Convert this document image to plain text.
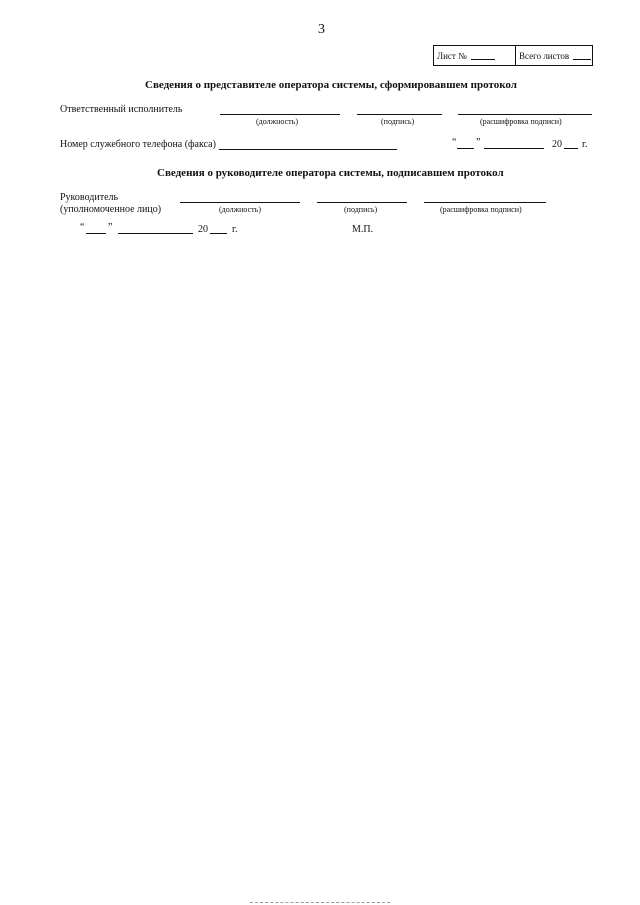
3
Лист №	Всего листов
Сведения о представителе оператора системы, сформировавшем протокол
Ответственный исполнитель
(должность)	(подпись)	(расшифровка подписи)
Номер служебного телефона (факса)	“ ”	20 г.
Сведения о руководителе оператора системы, подписавшем протокол
Руководитель
(уполномоченное лицо)	(должность)	(подпись)	(расшифровка подписи)
“ ”	20 г.	М.П.
